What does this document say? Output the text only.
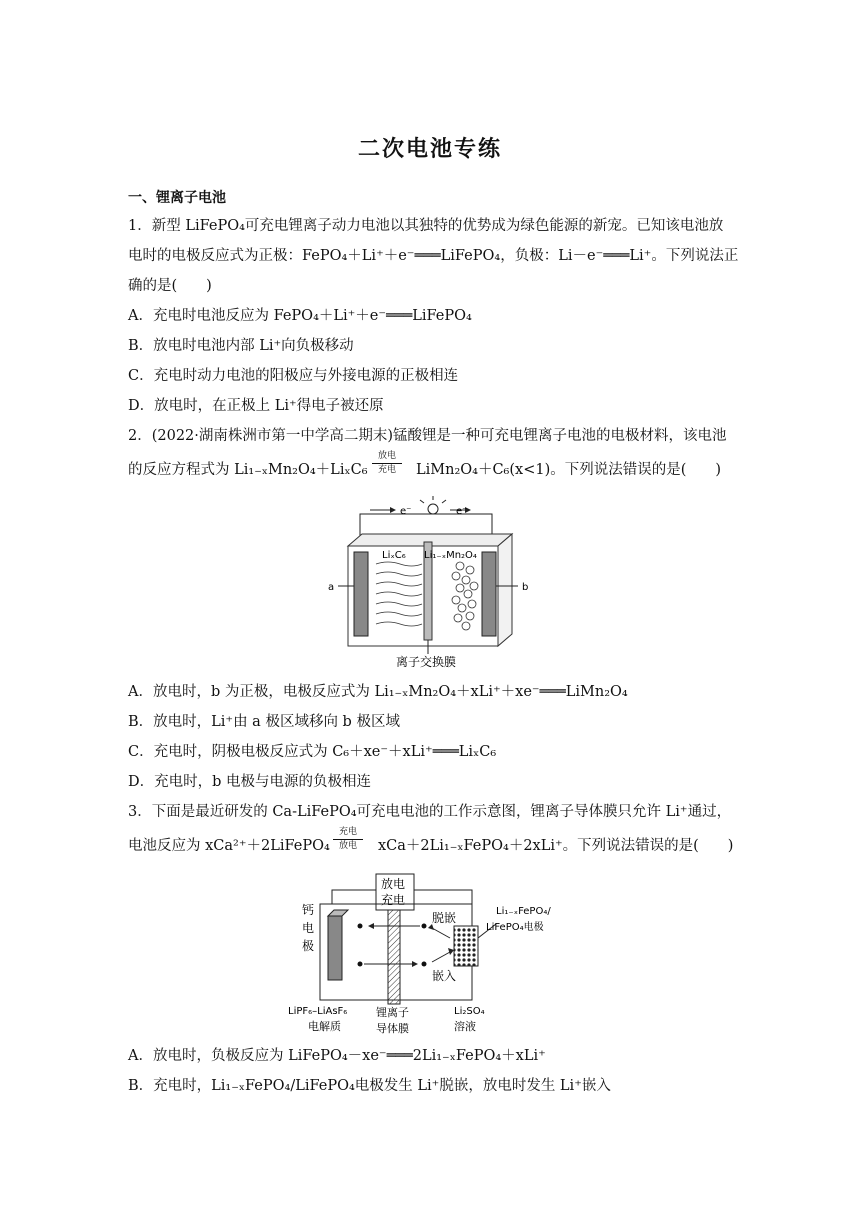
二次电池专练
一、锂离子电池
1．新型 LiFePO₄可充电锂离子动力电池以其独特的优势成为绿色能源的新宠。已知该电池放
电时的电极反应式为正极：FePO₄＋Li⁺＋e⁻═══LiFePO₄，负极：Li－e⁻═══Li⁺。下列说法正
确的是(　　)
A．充电时电池反应为 FePO₄＋Li⁺＋e⁻═══LiFePO₄
B．放电时电池内部 Li⁺向负极移动
C．充电时动力电池的阳极应与外接电源的正极相连
D．放电时，在正极上 Li⁺得电子被还原
2．(2022·湖南株洲市第一中学高二期末)锰酸锂是一种可充电锂离子电池的电极材料，该电池
的反应方程式为 Li₁₋ₓMn₂O₄＋LiₓC₆
放电
充电	LiMn₂O₄＋C₆(x<1)。下列说法错误的是(　　)
e⁻	e⁻
a	b
LiₓC₆ Li₁₋ₓMn₂O₄
离子交换膜
A．放电时，b 为正极，电极反应式为 Li₁₋ₓMn₂O₄＋xLi⁺＋xe⁻═══LiMn₂O₄
B．放电时，Li⁺由 a 极区域移向 b 极区域
C．充电时，阴极电极反应式为 C₆＋xe⁻＋xLi⁺═══LiₓC₆
D．充电时，b 电极与电源的负极相连
3．下面是最近研发的 Ca-LiFePO₄可充电电池的工作示意图，锂离子导体膜只允许 Li⁺通过，
电池反应为 xCa²⁺＋2LiFePO₄
充电
放电	xCa＋2Li₁₋ₓFePO₄＋2xLi⁺。下列说法错误的是(　　)
放电
充电
钙
电
极
脱嵌
嵌入
Li₁₋ₓFePO₄/
LiFePO₄电极
LiPF₆–LiAsF₆
电解质
锂离子
导体膜
Li₂SO₄
溶液
A．放电时，负极反应为 LiFePO₄－xe⁻═══2Li₁₋ₓFePO₄＋xLi⁺
B．充电时，Li₁₋ₓFePO₄/LiFePO₄电极发生 Li⁺脱嵌，放电时发生 Li⁺嵌入
